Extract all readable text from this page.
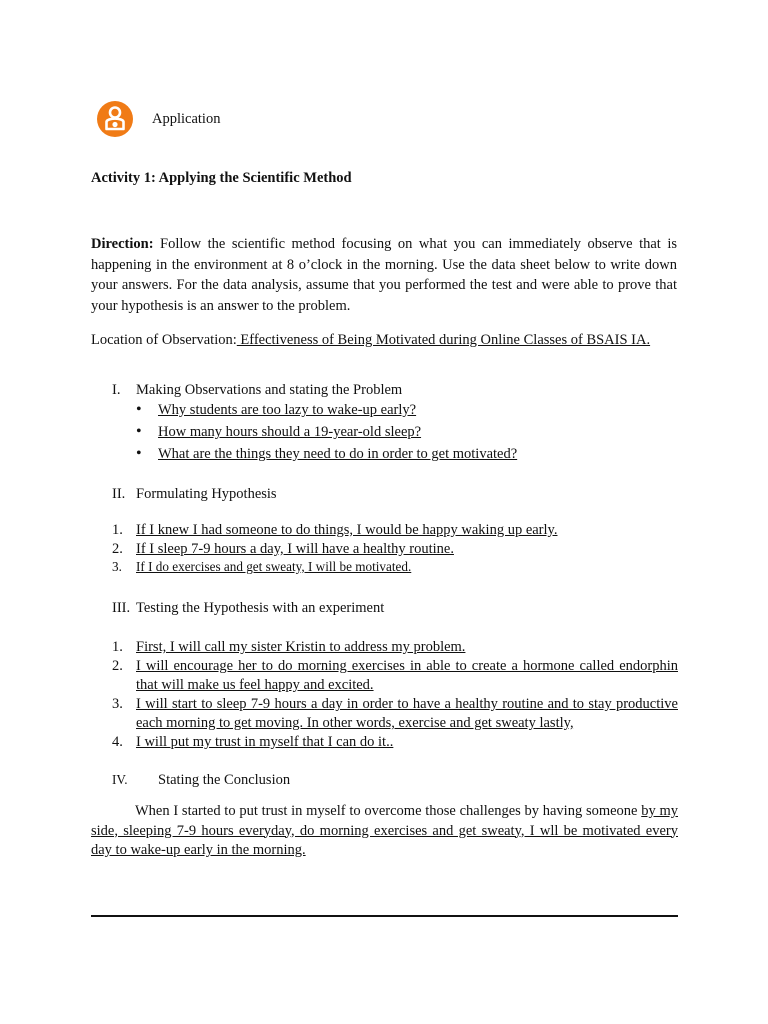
Application
Activity 1: Applying the Scientific Method
Direction: Follow the scientific method focusing on what you can immediately observe that is happening in the environment at 8 o’clock in the morning. Use the data sheet below to write down your answers. For the data analysis, assume that you performed the test and were able to prove that your hypothesis is an answer to the problem.
Location of Observation: Effectiveness of Being Motivated during Online Classes of BSAIS IA.
I. Making Observations and stating the Problem
• Why students are too lazy to wake-up early?
• How many hours should a 19-year-old sleep?
• What are the things they need to do in order to get motivated?
II. Formulating Hypothesis
1. If I knew I had someone to do things, I would be happy waking up early.
2. If I sleep 7-9 hours a day, I will have a healthy routine.
3. If I do exercises and get sweaty, I will be motivated.
III. Testing the Hypothesis with an experiment
1. First, I will call my sister Kristin to address my problem.
2. I will encourage her to do morning exercises in able to create a hormone called endorphin that will make us feel happy and excited.
3. I will start to sleep 7-9 hours a day in order to have a healthy routine and to stay productive each morning to get moving. In other words, exercise and get sweaty lastly,
4. I will put my trust in myself that I can do it..
IV. Stating the Conclusion
When I started to put trust in myself to overcome those challenges by having someone by my side, sleeping 7-9 hours everyday, do morning exercises and get sweaty, I wll be motivated every day to wake-up early in the morning.
